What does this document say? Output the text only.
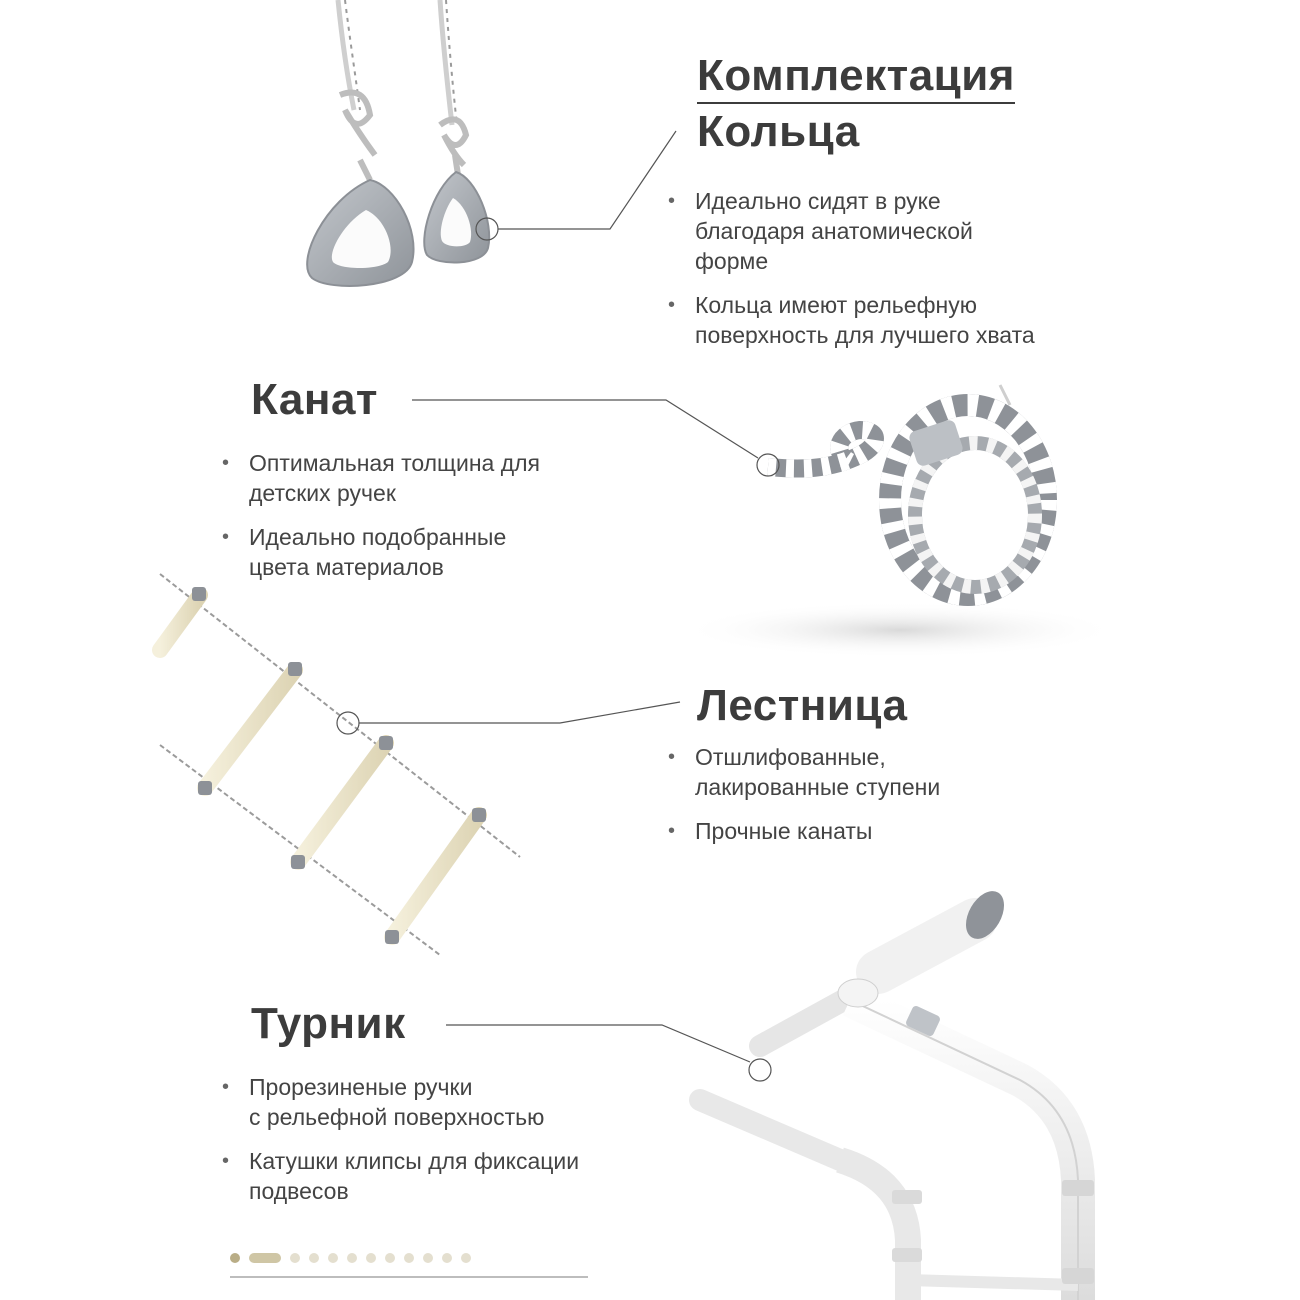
Комплектация
Кольца
• Идеально сидят в руке
благодаря анатомической
форме
• Кольца имеют рельефную
поверхность для лучшего хвата
Канат
• Оптимальная толщина для
детских ручек
• Идеально подобранные
цвета материалов
Лестница
• Отшлифованные,
лакированные ступени
• Прочные канаты
Турник
• Прорезиненые ручки
с рельефной поверхностью
• Катушки клипсы для фиксации
подвесов
